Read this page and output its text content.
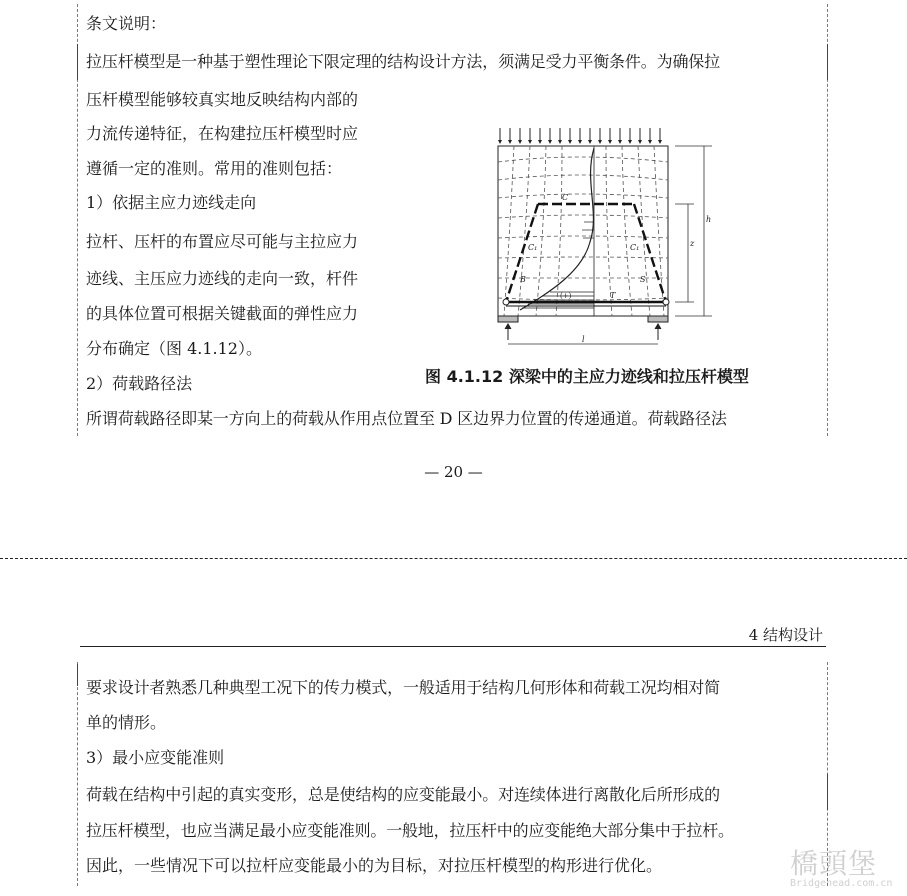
条文说明：
拉压杆模型是一种基于塑性理论下限定理的结构设计方法，须满足受力平衡条件。为确保拉
压杆模型能够较真实地反映结构内部的
力流传递特征，在构建拉压杆模型时应
遵循一定的准则。常用的准则包括：
1）依据主应力迹线走向
拉杆、压杆的布置应尽可能与主拉应力
迹线、主压应力迹线的走向一致，杆件
的具体位置可根据关键截面的弹性应力
分布确定（图 4.1.12）。
2）荷载路径法
所谓荷载路径即某一方向上的荷载从作用点位置至 D 区边界力位置的传递通道。荷载路径法
C
C₁	C₁
(+)	T
B	S
h
z
l
图 4.1.12 深梁中的主应力迹线和拉压杆模型
— 20 —
4 结构设计
要求设计者熟悉几种典型工况下的传力模式，一般适用于结构几何形体和荷载工况均相对简
单的情形。
3）最小应变能准则
荷载在结构中引起的真实变形，总是使结构的应变能最小。对连续体进行离散化后所形成的
拉压杆模型，也应当满足最小应变能准则。一般地，拉压杆中的应变能绝大部分集中于拉杆。
因此，一些情况下可以拉杆应变能最小的为目标，对拉压杆模型的构形进行优化。	橋頭堡
Bridgehead.com.cn
